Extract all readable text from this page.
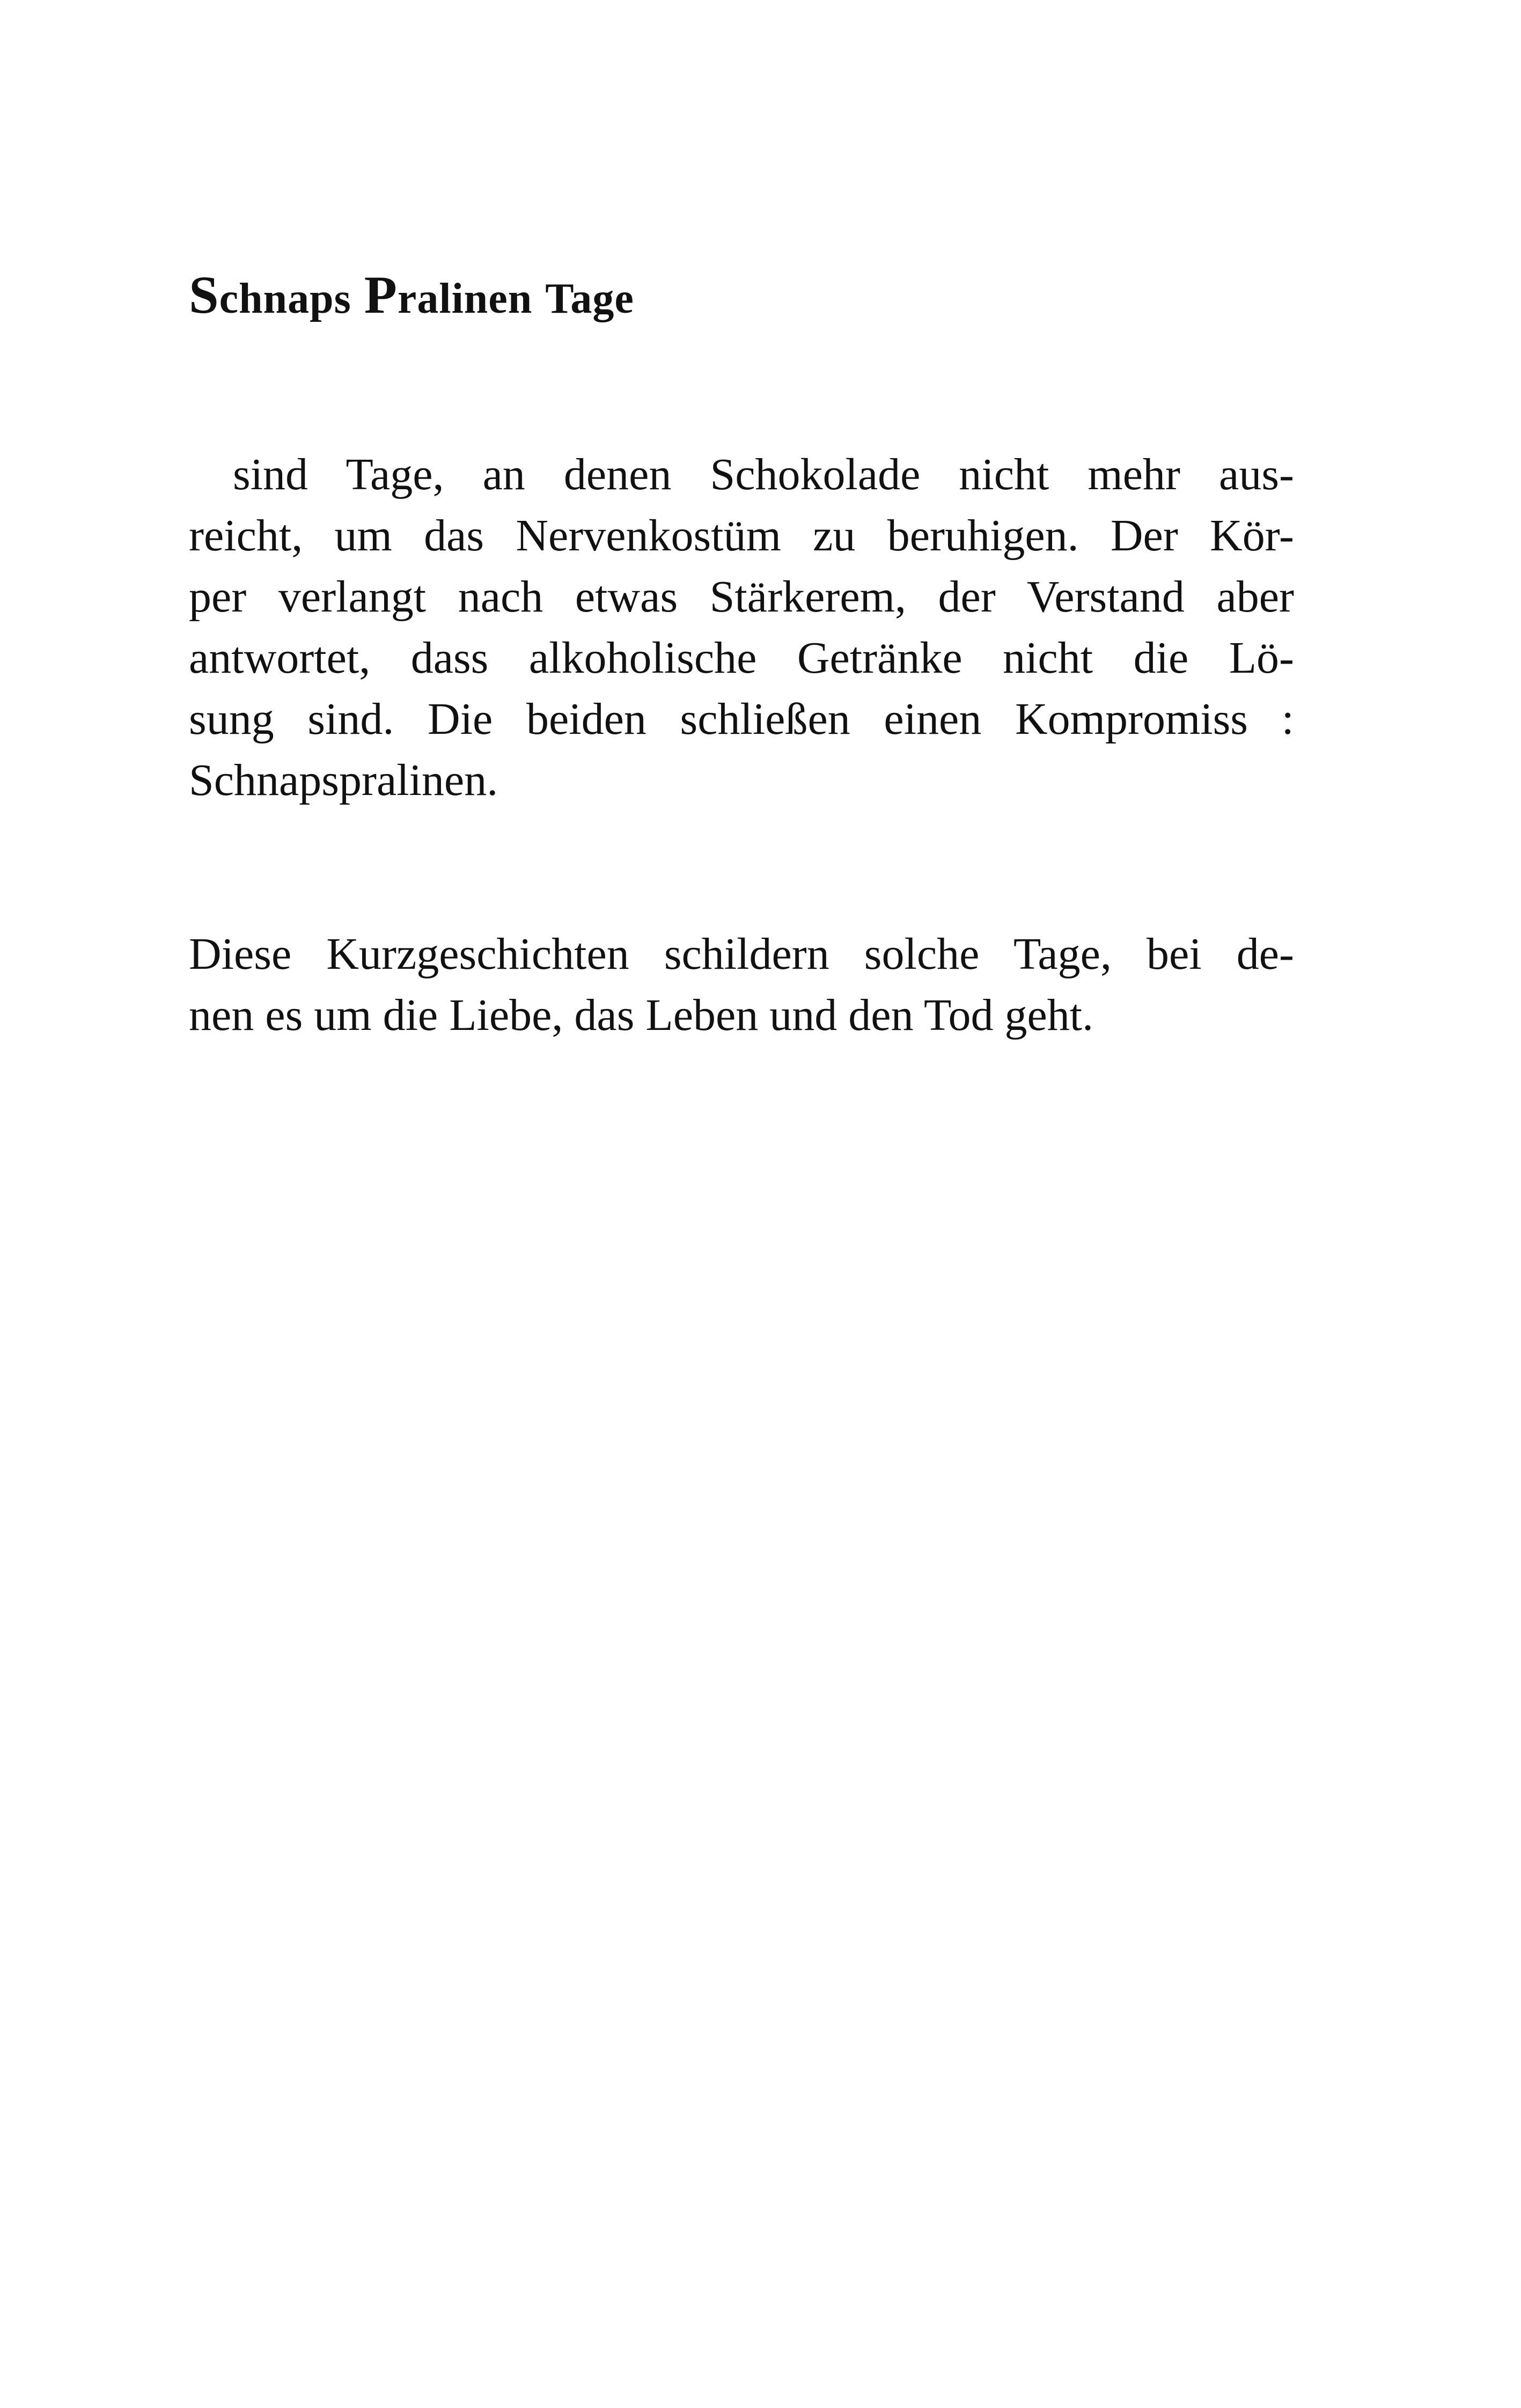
Schnaps Pralinen Tage
sind Tage, an denen Schokolade nicht mehr aus-
reicht, um das Nervenkostüm zu beruhigen. Der Kör-
per verlangt nach etwas Stärkerem, der Verstand aber
antwortet, dass alkoholische Getränke nicht die Lö-
sung sind. Die beiden schließen einen Kompromiss :
Schnapspralinen.
Diese Kurzgeschichten schildern solche Tage, bei de-
nen es um die Liebe, das Leben und den Tod geht.
